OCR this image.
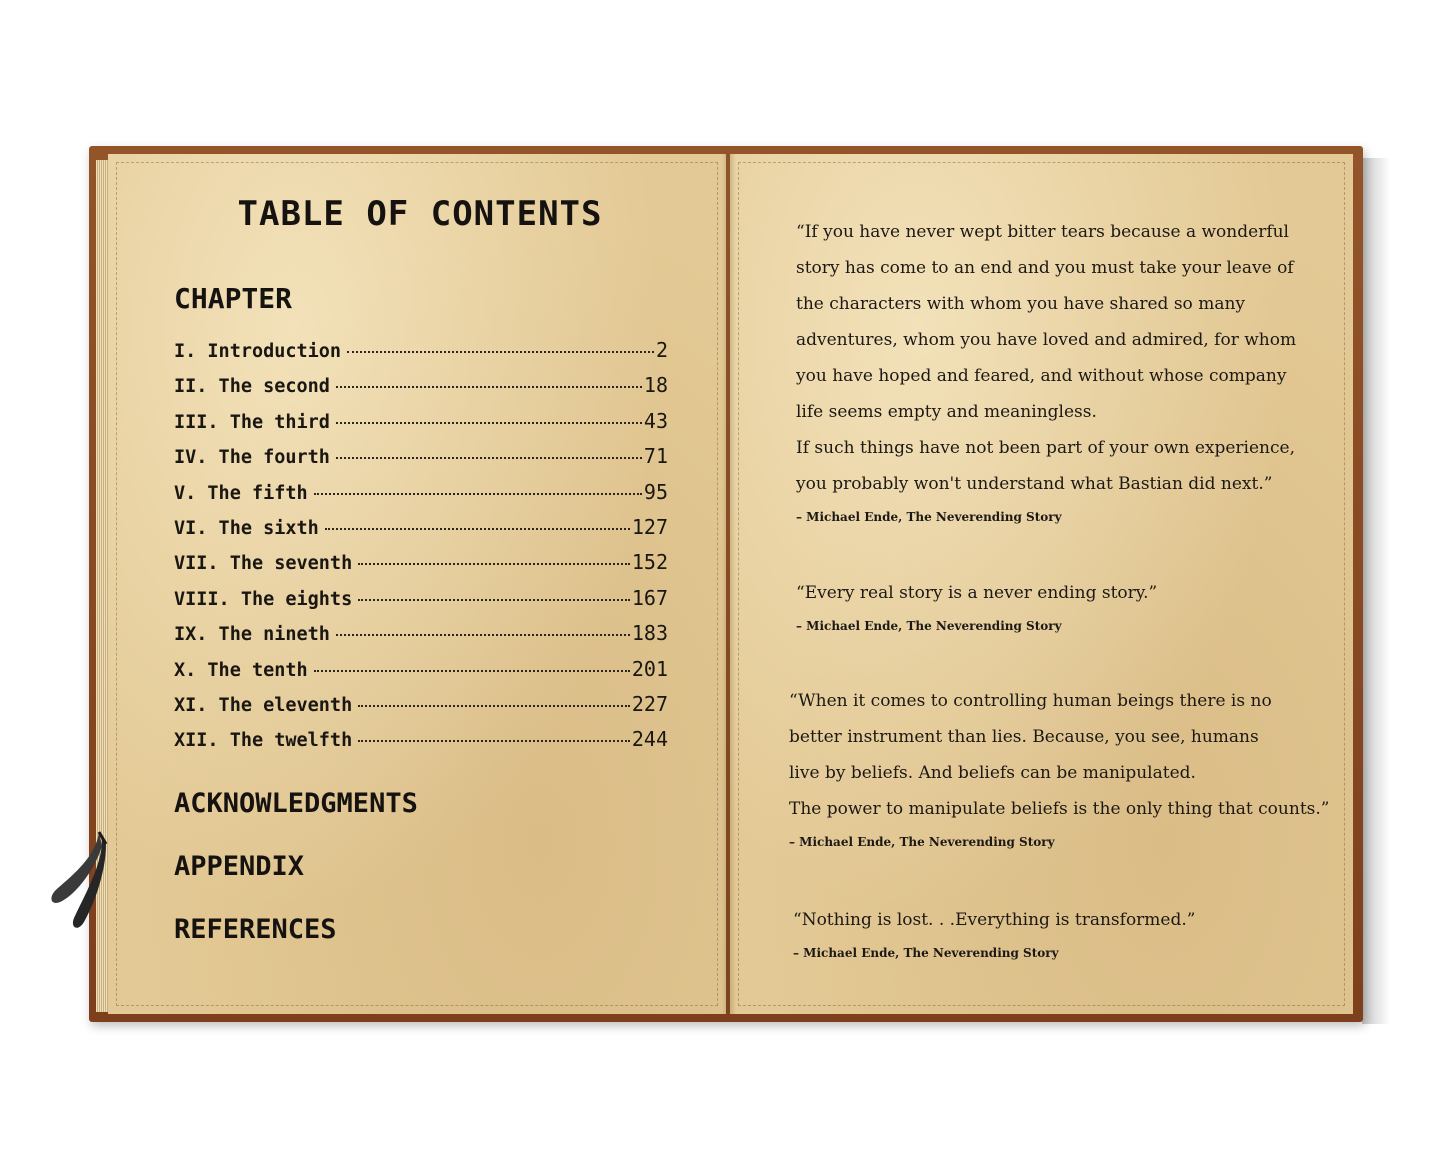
TABLE OF CONTENTS
CHAPTER
I. Introduction	2
II. The second	18
III. The third	43
IV. The fourth	71
V. The fifth	95
VI. The sixth	127
VII. The seventh	152
VIII. The eights	167
IX. The nineth	183
X. The tenth	201
XI. The eleventh	227
XII. The twelfth	244
ACKNOWLEDGMENTS
APPENDIX
REFERENCES

“If you have never wept bitter tears because a wonderful

story has come to an end and you must take your leave of

the characters with whom you have shared so many

adventures, whom you have loved and admired, for whom

you have hoped and feared, and without whose company

life seems empty and meaningless.

If such things have not been part of your own experience,

you probably won't understand what Bastian did next.”

– Michael Ende, The Neverending Story

“Every real story is a never ending story.”

– Michael Ende, The Neverending Story

“When it comes to controlling human beings there is no

better instrument than lies. Because, you see, humans

live by beliefs. And beliefs can be manipulated.

The power to manipulate beliefs is the only thing that counts.”

– Michael Ende, The Neverending Story

“Nothing is lost. . .Everything is transformed.”

– Michael Ende, The Neverending Story
